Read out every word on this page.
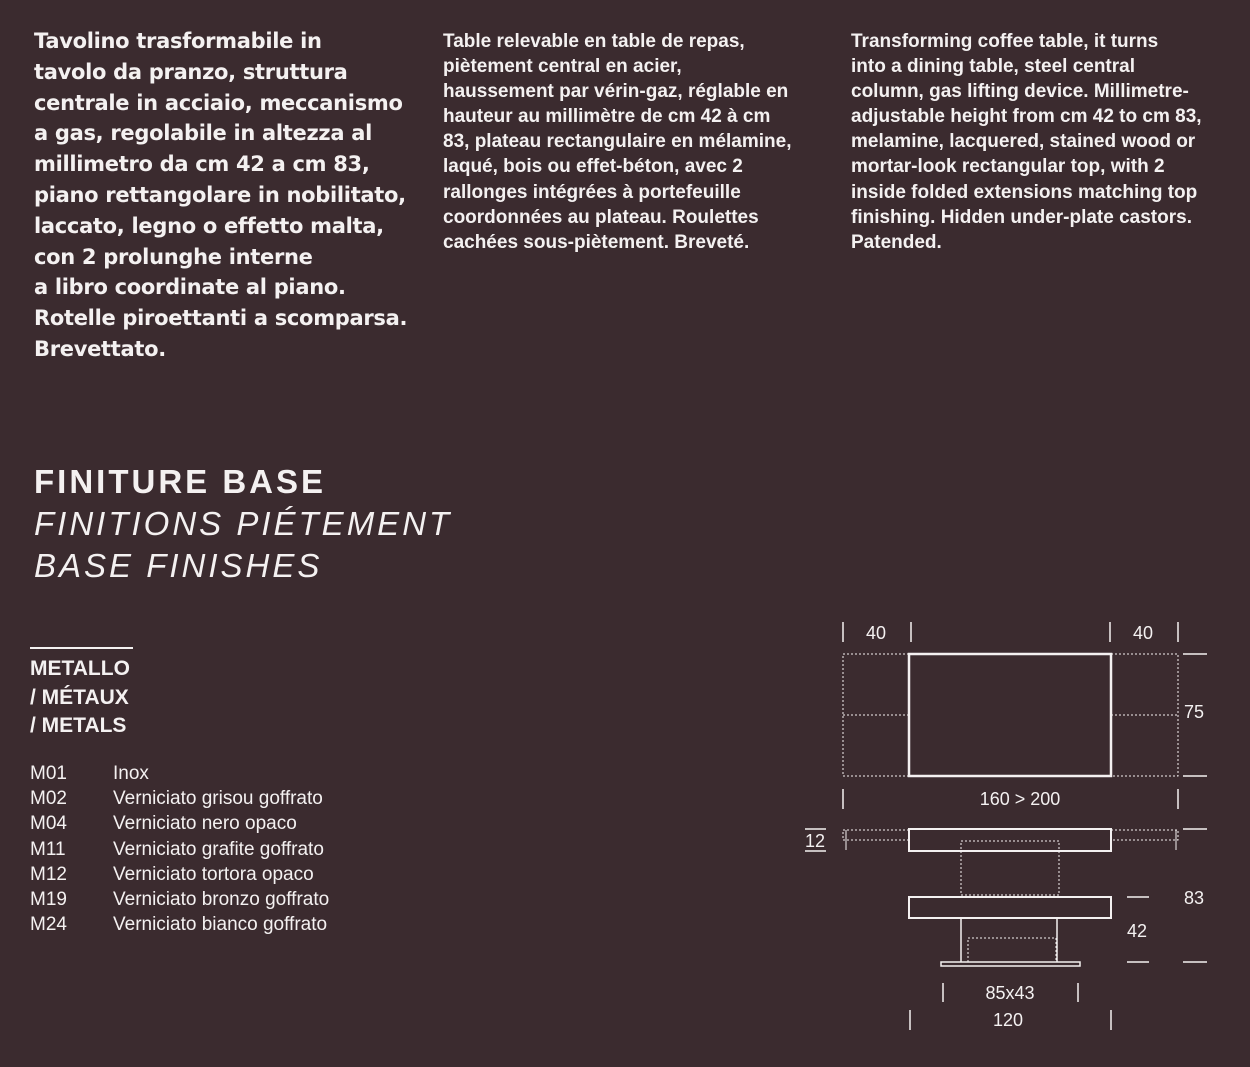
Tavolino trasformabile in
tavolo da pranzo, struttura
centrale in acciaio, meccanismo
a gas, regolabile in altezza al
millimetro da cm 42 a cm 83,
piano rettangolare in nobilitato,
laccato, legno o effetto malta,
con 2 prolunghe interne
a libro coordinate al piano.
Rotelle piroettanti a scomparsa.
Brevettato.

Table relevable en table de repas,
piètement central en acier,
haussement par vérin-gaz, réglable en
hauteur au millimètre de cm 42 à cm
83, plateau rectangulaire en mélamine,
laqué, bois ou effet-béton, avec 2
rallonges intégrées à portefeuille
coordonnées au plateau. Roulettes
cachées sous-piètement. Breveté.

Transforming coffee table, it turns
into a dining table, steel central
column, gas lifting device. Millimetre-
adjustable height from cm 42 to cm 83,
melamine, lacquered, stained wood or
mortar-look rectangular top, with 2
inside folded extensions matching top
finishing. Hidden under-plate castors.
Patended.

FINITURE BASE
FINITIONS PIÉTEMENT
BASE FINISHES

METALLO
/ MÉTAUX
/ METALS

M01	Inox
M02	Verniciato grisou goffrato
M04	Verniciato nero opaco
M11	Verniciato grafite goffrato
M12	Verniciato tortora opaco
M19	Verniciato bronzo goffrato
M24	Verniciato bianco goffrato
40	40
75
160 > 200
12
83
42
85x43
120
